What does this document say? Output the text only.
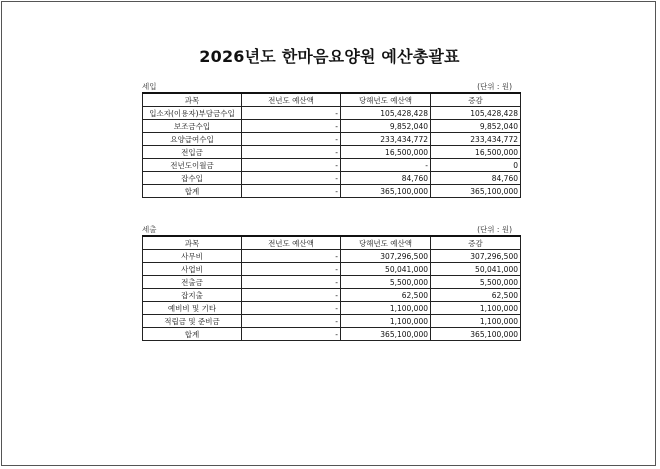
2026년도 한마음요양원 예산총괄표
세입	(단위 : 원)
과목	전년도 예산액	당해년도 예산액	증감
입소자(이용자)부담금수입	-	105,428,428	105,428,428
보조금수입	-	9,852,040	9,852,040
요양급여수입	-	233,434,772	233,434,772
전입금	-	16,500,000	16,500,000
전년도이월금	-	-	0
잡수입	-	84,760	84,760
합계	-	365,100,000	365,100,000
세출	(단위 : 원)
과목	전년도 예산액	당해년도 예산액	증감
사무비	-	307,296,500	307,296,500
사업비	-	50,041,000	50,041,000
전출금	-	5,500,000	5,500,000
잡지출	-	62,500	62,500
예비비 및 기타	-	1,100,000	1,100,000
적립금 및 준비금	-	1,100,000	1,100,000
합계	-	365,100,000	365,100,000
